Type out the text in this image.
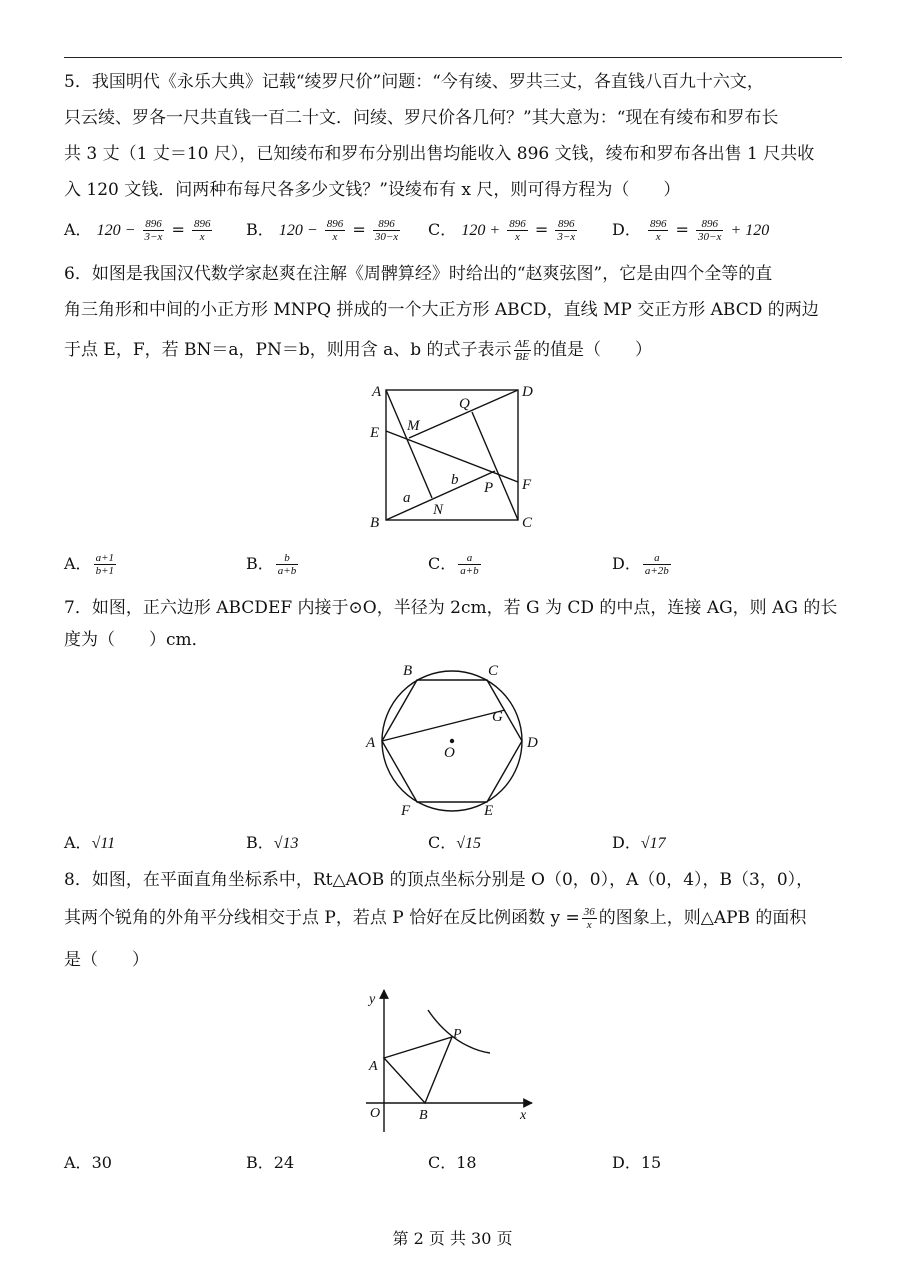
5．我国明代《永乐大典》记载“绫罗尺价”问题：“今有绫、罗共三丈，各直钱八百九十六文，
只云绫、罗各一尺共直钱一百二十文．问绫、罗尺价各几何？”其大意为：“现在有绫布和罗布长
共 3 丈（1 丈＝10 尺），已知绫布和罗布分别出售均能收入 896 文钱，绫布和罗布各出售 1 尺共收
入 120 文钱．问两种布每尺各多少文钱？”设绫布有 x 尺，则可得方程为（　　）
A． $120 - \frac{896}{3-x} = \frac{896}{x}$ B． $120 - \frac{896}{x} = \frac{896}{30-x}$ C． $120 + \frac{896}{x} = \frac{896}{3-x}$ D． $\frac{896}{x} = \frac{896}{30-x} + 120$
6．如图是我国汉代数学家赵爽在注解《周髀算经》时给出的“赵爽弦图”，它是由四个全等的直
角三角形和中间的小正方形 MNPQ 拼成的一个大正方形 ABCD，直线 MP 交正方形 ABCD 的两边
于点 E，F，若 BN＝a，PN＝b，则用含 a、b 的式子表示 $\frac{AE}{BE}$ 的值是（　　）
A	D
E M
Q
b P F
a
N
B	C
A． $\frac{a+1}{b+1}$	B． $\frac{b}{a+b}$	C． $\frac{a}{a+b}$	D． $\frac{a}{a+2b}$
7．如图，正六边形 ABCDEF 内接于⊙O，半径为 2cm，若 G 为 CD 的中点，连接 AG，则 AG 的长
度为（　　）cm．
B	C
A	D
G
O
F	E
A．√11	B．√13	C．√15	D．√17
8．如图，在平面直角坐标系中，Rt△AOB 的顶点坐标分别是 O（0，0），A（0，4），B（3，0），
其两个锐角的外角平分线相交于点 P，若点 P 恰好在反比例函数 $y = \frac{36}{x}$ 的图象上，则△APB 的面积
是（　　）
y
x
O
A
B
P
A．30	B．24	C．18	D．15
第 2 页 共 30 页
